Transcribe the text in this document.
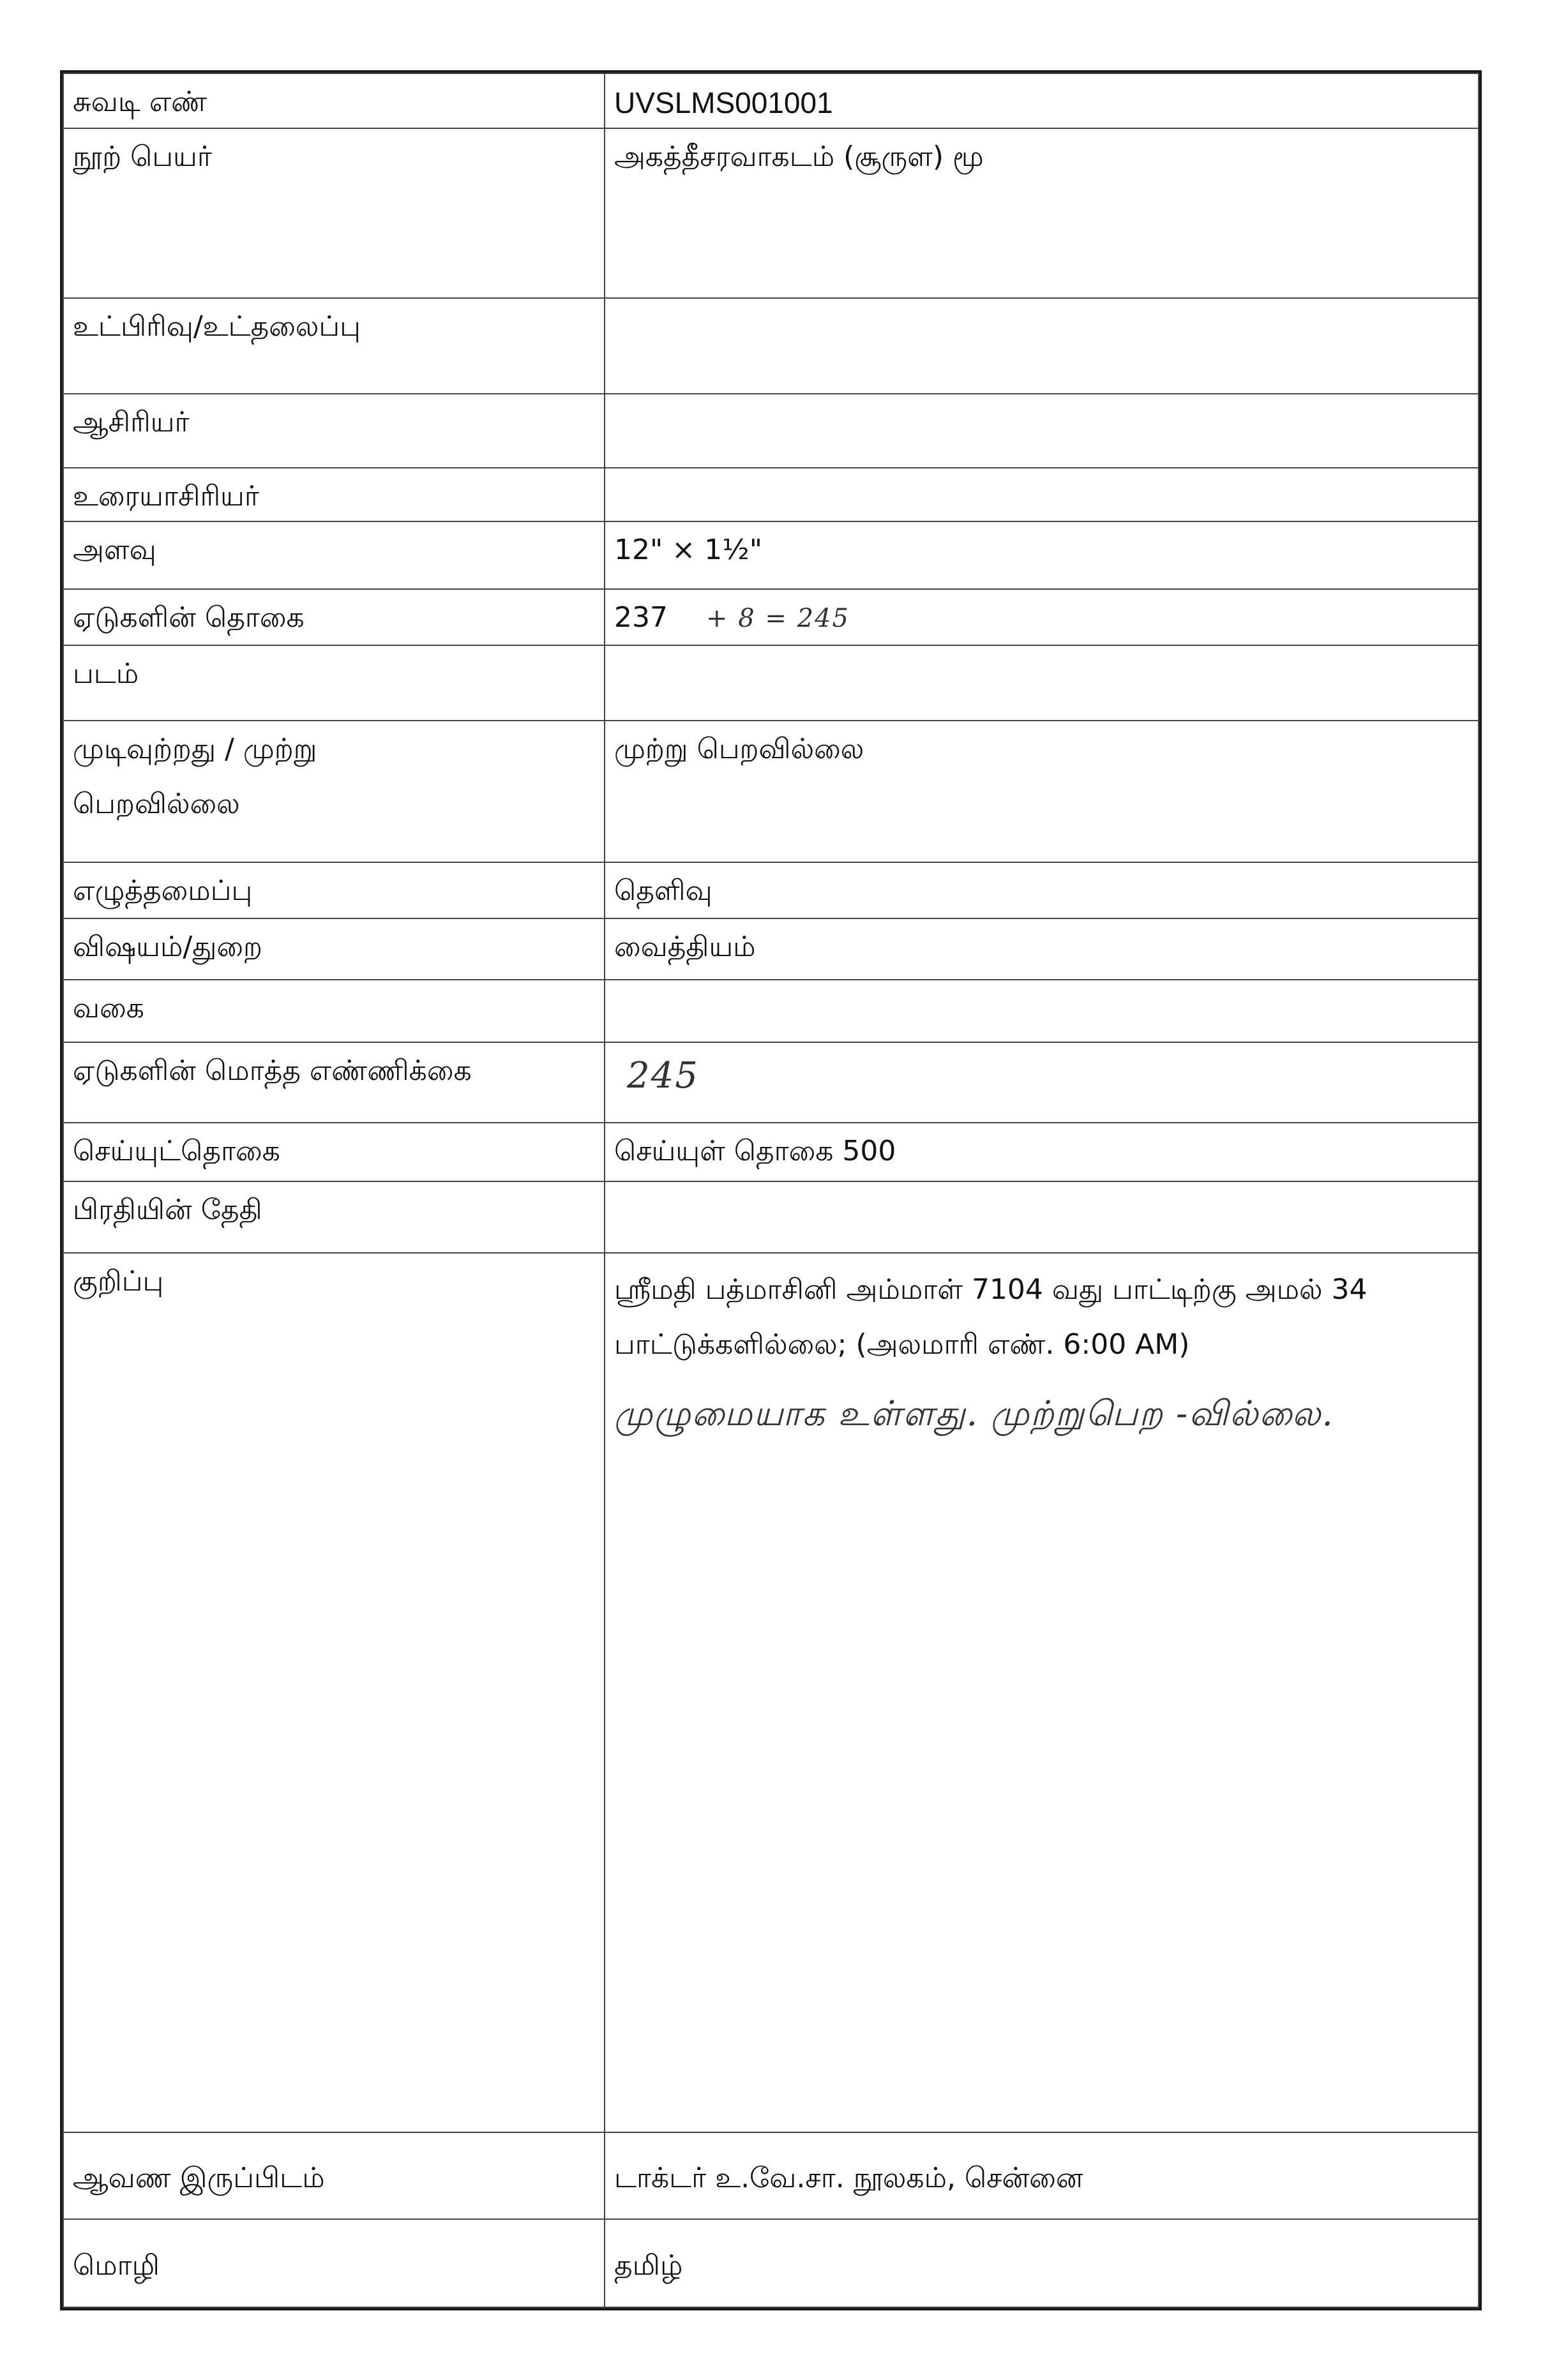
சுவடி எண்	UVSLMS001001
நூற் பெயர்	அகத்தீசரவாகடம் (சூருள) மூ
உட்பிரிவு/உட்தலைப்பு	
ஆசிரியர்	
உரையாசிரியர்	
அளவு	12" × 1½"
ஏடுகளின் தொகை	237 + 8 = 245
படம்	

முடிவுற்றது / முற்று
பெறவில்லை	முற்று பெறவில்லை
எழுத்தமைப்பு	தெளிவு
விஷயம்/துறை	வைத்தியம்
வகை	
ஏடுகளின் மொத்த எண்ணிக்கை	245
செய்யுட்தொகை	செய்யுள் தொகை 500
பிரதியின் தேதி	
குறிப்பு	ஸ்ரீமதி பத்மாசினி அம்மாள் 7104 வது பாட்டிற்கு அமல் 34 பாட்டுக்களில்லை; (அலமாரி எண். 6:00 AM)
முழுமையாக உள்ளது. முற்றுபெற -வில்லை.

ஆவண இருப்பிடம்	டாக்டர் உ.வே.சா. நூலகம், சென்னை
மொழி	தமிழ்
